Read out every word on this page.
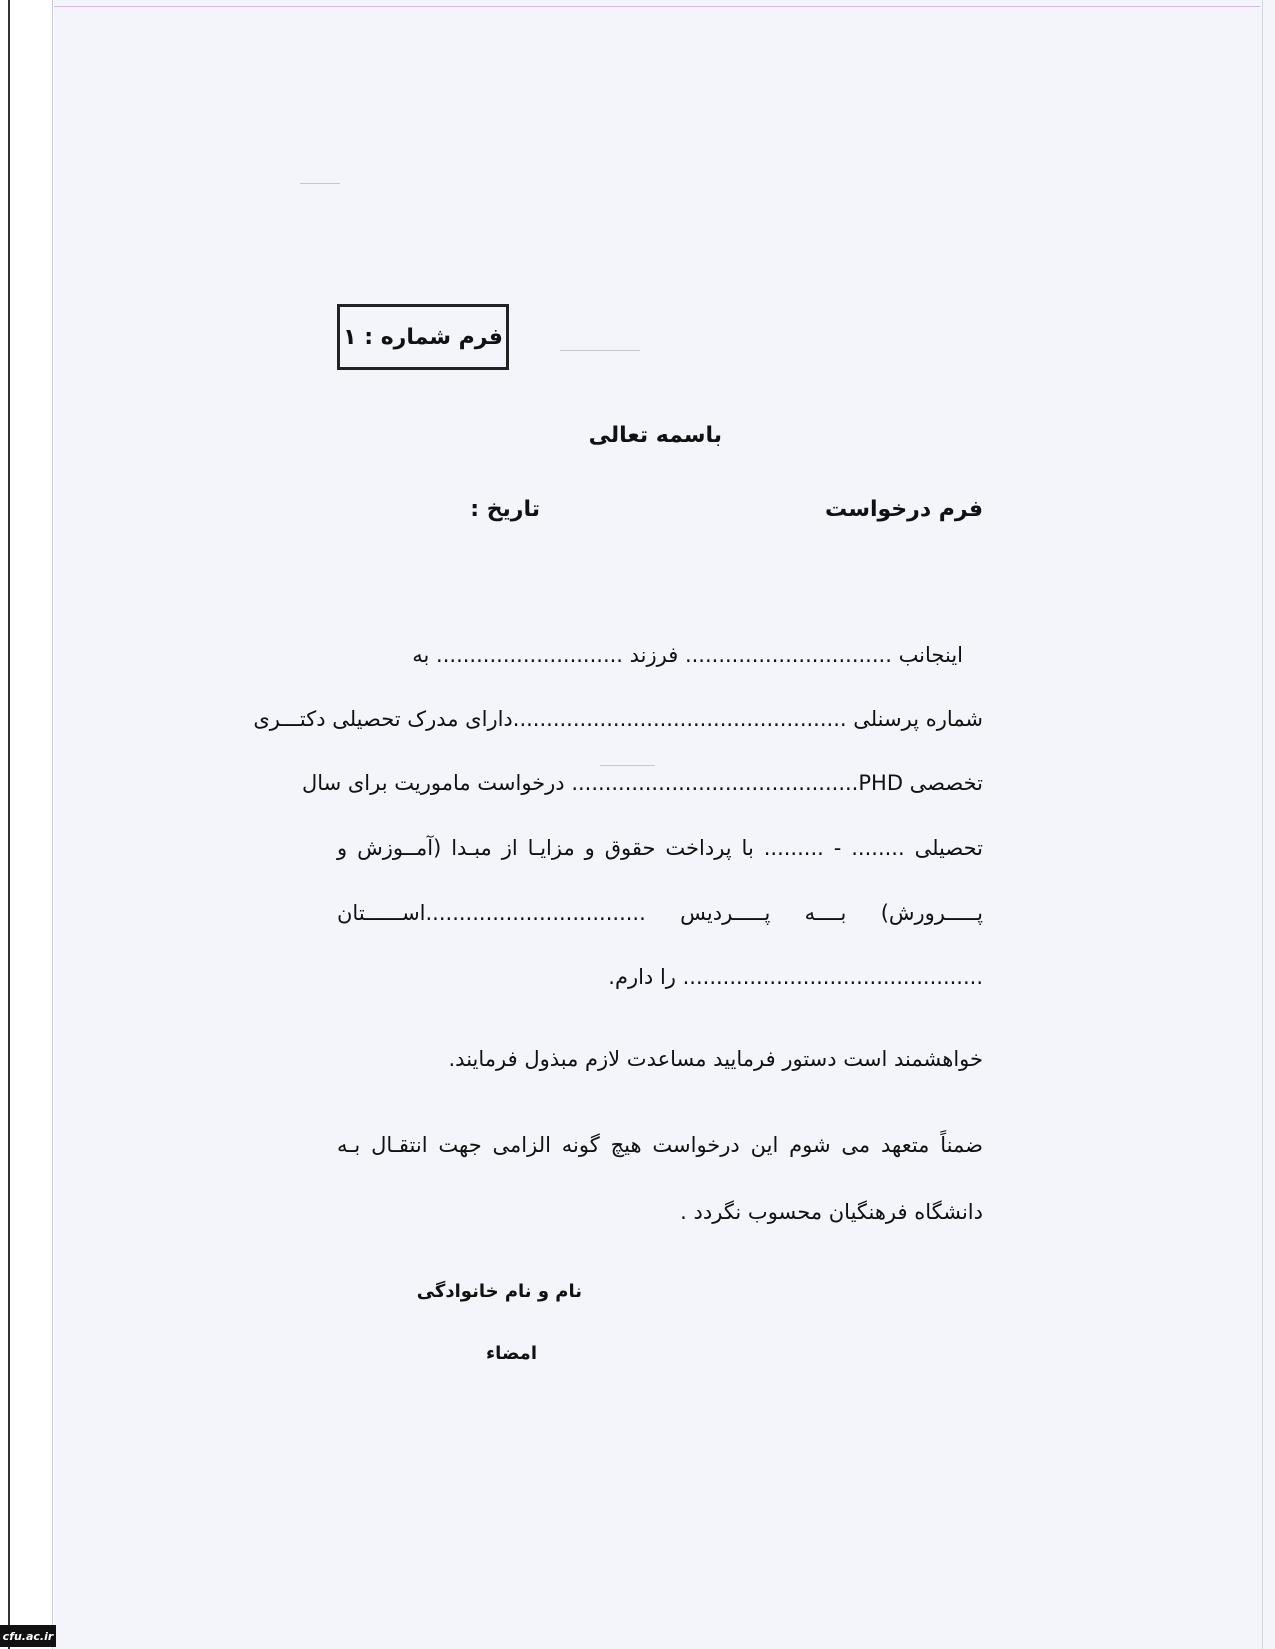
فرم شماره : ۱
باسمه تعالی
فرم درخواست
تاریخ :
اینجانب ............................... فرزند ............................ به
شماره پرسنلی ..................................................دارای مدرک تحصیلی دکتـــری
تخصصی PHD........................................... درخواست ماموریت برای سال
تحصیلی ........ - ......... با پرداخت حقوق و مزایـا از مبـدا (آمــوزش و
پـــــرورش) بــــه پـــــردیس .................................اســــــتان
............................................. را دارم.
خواهشمند است دستور فرمایید مساعدت لازم مبذول فرمایند.
ضمناً متعهد می شوم این درخواست هیچ گونه الزامی جهت انتقـال بـه
دانشگاه فرهنگیان محسوب نگردد .
نام و نام خانوادگی
امضاء
cfu.ac.ir
